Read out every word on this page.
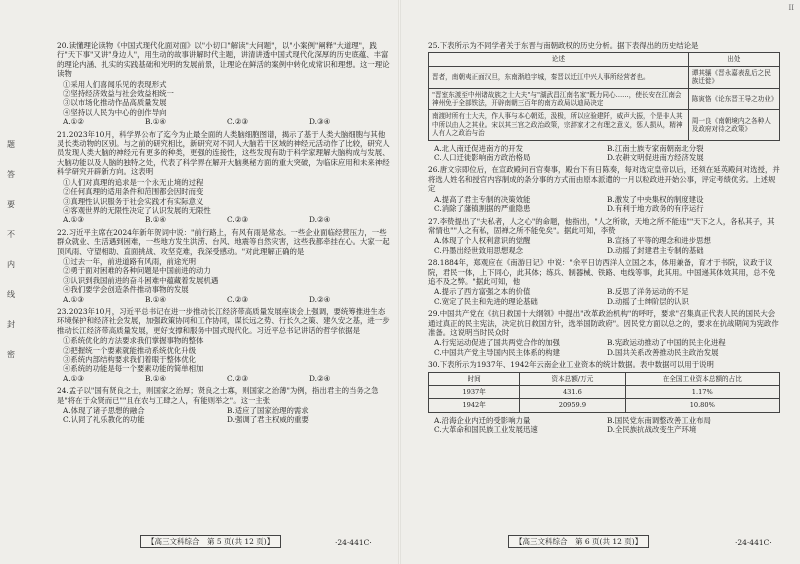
题
答
要
不
内
线
封
密

20.读懂理论读物《中国式现代化面对面》以"小切口"解读"大问题"，以"小案例"阐释"大道理"，践行"天下事"又讲"身边人"，用生动的故事讲解时代主题，讲清讲透中国式现代化深厚的历史底蕴、丰富的理论内涵、扎实的实践基础和光明的发展前景，让理论在鲜活的案例中转化成常识和理想。这一理论读物

①采用人们喜闻乐见的表现形式

②坚持经济效益与社会效益相统一

③以市场化推动作品高质量发展

④坚持以人民为中心的创作导向

A.①②	B.①④	C.②③	D.③④

21.2023年10月，科学界公布了迄今为止最全面的人类脑细胞图谱，揭示了基于人类大脑细胞与其他灵长类动物的区别。与之前的研究相比，新研究对不同人大脑若干区域的神经元活动作了比较，研究人员发现人类大脑的神经元有更多的种类，更强的连接性，这些发现有助于科学家理解大脑构成与发展、大脑功能以及人脑的独特之处，代表了科学界在解开大脑奥秘方面的重大突破，为临床应用和未来神经科学研究开辟新方向。这表明

①人们对真理的追求是一个永无止境的过程

②任何真理的适用条件和范围都会因时而变

③真理性认识服务于社会实践才有实际意义

④客观世界的无限性决定了认识发展的无限性

A.①③	B.①④	C.②③	D.②④

22.习近平主席在2024年新年贺词中说："前行路上，有风有雨是常态。一些企业面临经营压力，一些群众就业、生活遇到困难，一些地方发生洪涝、台风、地震等自然灾害，这些我都牵挂在心。大家一起顶风雨、守望相助、直面挑战、攻坚克难，我深受感动。"对此理解正确的是

①过去一年，前进道路有风雨，前途光明

②勇于面对困难的各种问题是中国前进的动力

③认识到我国前进的奋斗困难中蕴藏着发展机遇

④我们要学会创造条件推动事物的发展

A.①③	B.①④	C.②③	D.②④

23.2023年10月，习近平总书记在进一步推动长江经济带高质量发展座谈会上强调，要统筹推进生态环境保护和经济社会发展，加强政策协同和工作协同，谋长远之势、行长久之策、建久安之基，进一步推动长江经济带高质量发展，更好支撑和服务中国式现代化。习近平总书记讲话的哲学依据是

①系统优化的方法要求我们掌握事物的整体

②把握统一个要素就能推动系统优化升级

③系统内部结构要求我们着眼于整体优化

④系统的功能是每一个要素功能的简单相加

A.①③	B.①④	C.②③	D.②④

24.孟子以"国有贤良之士，则国家之治厚；贤良之士寡，则国家之治薄"为例，指出君主的当务之急是"将在于众贤而已""且在农与工肆之人，有能则举之"。这一主张

A.体现了诸子思想的融合	B.适应了国家治理的需求
C.认同了礼乐教化的功能	D.强调了君主权威的重要
【高三文科综合　第 5 页(共 12 页)】	·24·441C·
II

25.下表所示为不同学者关于东晋与南朝政权的历史分析。据下表得出的历史结论是

论述	出处
晋者，南朝夷正面汉旦，东南渐趋宇城，秦晋以迁江中兴人事所经营者也。	谭其骧《晋永嘉表乱后之民族迁徙》
"晋室东渡至中州诸故族之士大夫"与"湖武昌江南名家"既力同心……，使长安在江南会神州免于全部铁法，开辟南朝三百年的南方政局以迪局决定	陈寅恪《论东晋王导之功业》
南渡时所有士大夫，作人事与本心朝廷，汲极，所以应验建阡，威声大振，个是非人其中所以由人之其业。宋以其三宫之政治政策，宗辞家才之有理之意义，惩人损从，精神人有人之政治与治	周一良《南朝境内之各种人及政府对待之政策》
A.北人南迁促进南方的开发	B.江南士族专家南朝南北分裂
C.人口迁徙影响南方政治格局	D.农耕文明促进南方经济发展

26.唐文宗即位后，在宣政殿问百官奏事，殿台下有日陈奏，每对选定皇帝以后，还须在延英殿问对选授，并将选人姓名和授官内容制成的条分事的方式而由原本派遣的一月以粒政进开始公事，评定考绩优劣。上述规定

A.提高了君主专制的决策效能	B.激发了中央集权的制度建设
C.消除了藩镇割据的严重隐患	D.有利于地方政务的有序运行

27.李贽提出了"夫私者，人之心"的命题，他指出，"人之所欲，天地之所不能违""天下之人，各私其子，其常情也""人之有私，固禅之所不能免矣"。据此可知，李贽

A.体现了个人权利意识的觉醒	B.宣扬了平等的理念和进步思想
C.丹墨出经世致用思想观念	D.动摇了封建君主专制的基础

28.1884年，郑观应在《南游日记》中说："余平日访西洋人立国之本，体用兼备，育才于书院，议政于议院，君民一体，上下同心，此其体；练兵、制器械、铁路、电线等事，此其用。中国递其体效其用，总不免追不及之弊。"据此可知，他

A.提示了西方富强之本的价值	B.反思了洋务运动的不足
C.宽定了民主和先进的理论基础	D.动摇了士绅阶层的认识

29.中国共产党在《抗日救国十大纲领》中提出"改革政治机构"的呼吁，要求"召集真正代表人民的国民大会通过真正的民主宪法，决定抗日救国方针，选举国防政府"。因民党方面以总之的，要求在抗战期间为宪政作准备。这说明当时民众时

A.行宪运动促进了国共两党合作的加强	B.宪政运动推动了中国的民主化进程
C.中国共产党主导国内民主体系的构建	D.国共关系改善推动民主政治发展

30.下表所示为1937年、1942年云南企业工业资本的统计数据。表中数据可以用于说明

时间	资本总额/万元	在全国工业资本总额的占比
1937年	431.6	1.17%
1942年	20959.9	10.80%
A.沿海企业内迁的受影响力量	B.国民党东南调整改善工业布局
C.大革命和国民族工业发展迅速	D.全民族抗战改变生产环境
【高三文科综合　第 6 页(共 12 页)】	·24·441C·
